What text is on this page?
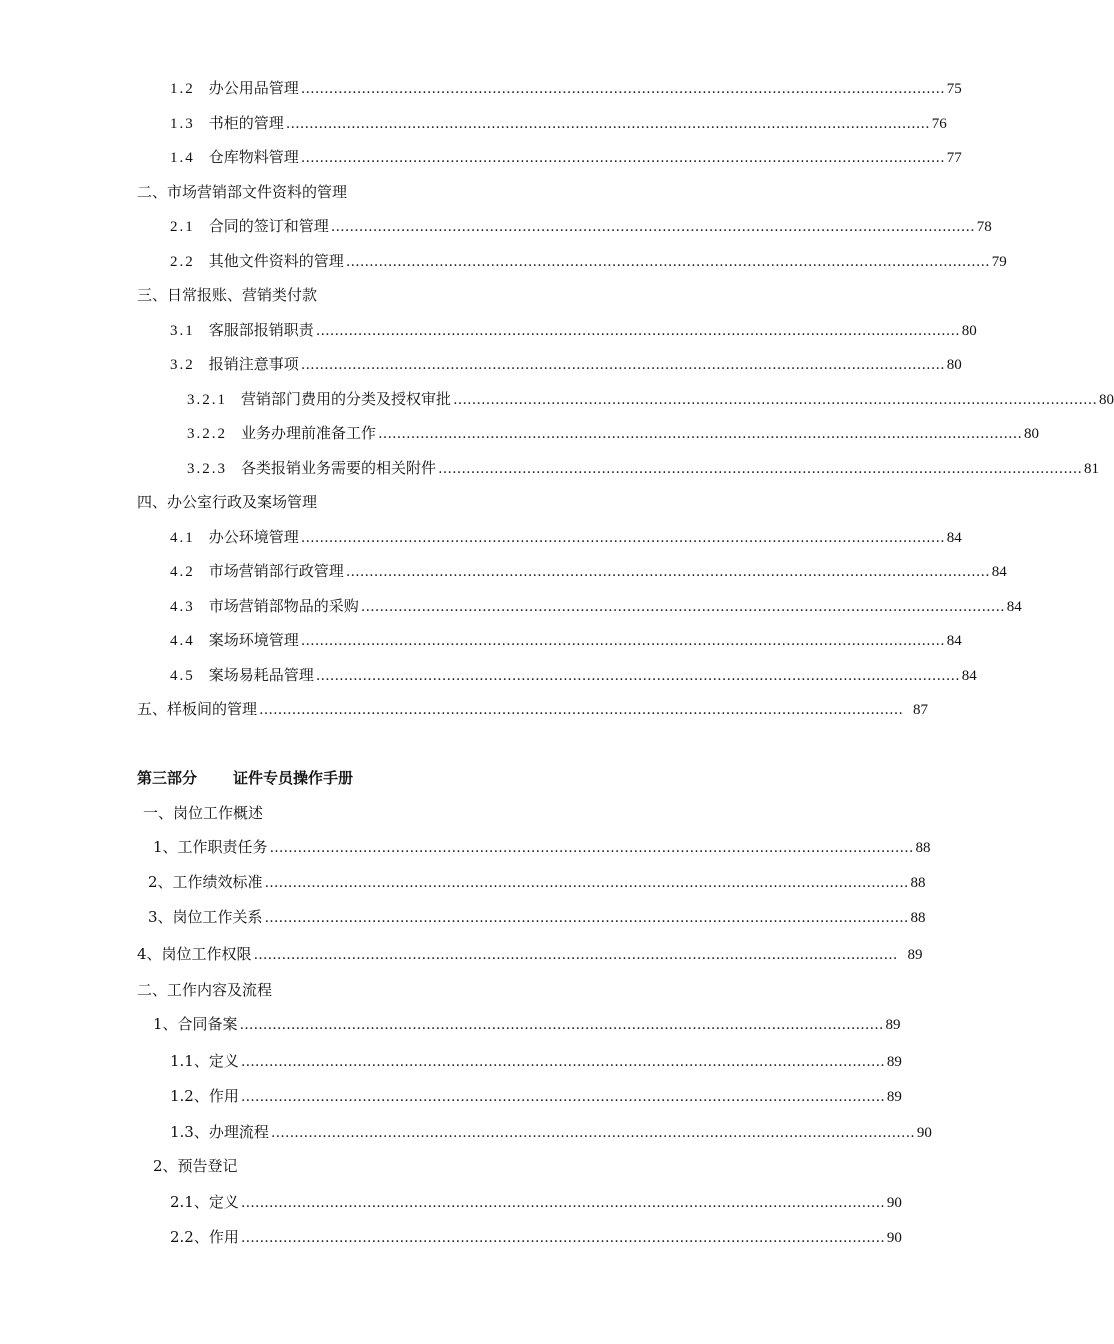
1.2 办公用品管理 ………………………………………………………………………………………………………………………… 75
1.3 书柜的管理 ………………………………………………………………………………………………………………………… 76
1.4 仓库物料管理 ………………………………………………………………………………………………………………………… 77
二、市场营销部文件资料的管理
2.1 合同的签订和管理 ………………………………………………………………………………………………………………………… 78
2.2 其他文件资料的管理 ………………………………………………………………………………………………………………………… 79
三、日常报账、营销类付款
3.1 客服部报销职责 ………………………………………………………………………………………………………………………… 80
3.2 报销注意事项 ………………………………………………………………………………………………………………………… 80
3.2.1 营销部门费用的分类及授权审批 ………………………………………………………………………………………………………………………… 80
3.2.2 业务办理前准备工作 ………………………………………………………………………………………………………………………… 80
3.2.3 各类报销业务需要的相关附件 ………………………………………………………………………………………………………………………… 81
四、办公室行政及案场管理
4.1 办公环境管理 ………………………………………………………………………………………………………………………… 84
4.2 市场营销部行政管理 ………………………………………………………………………………………………………………………… 84
4.3 市场营销部物品的采购 ………………………………………………………………………………………………………………………… 84
4.4 案场环境管理 ………………………………………………………………………………………………………………………… 84
4.5 案场易耗品管理 ………………………………………………………………………………………………………………………… 84
五、样板间的管理 ………………………………………………………………………………………………………………………… 87
第三部分 证件专员操作手册
一、岗位工作概述
1、工作职责任务 ………………………………………………………………………………………………………………………… 88
2、工作绩效标准 ………………………………………………………………………………………………………………………… 88
3、岗位工作关系 ………………………………………………………………………………………………………………………… 88
4、岗位工作权限 ………………………………………………………………………………………………………………………… 89
二、工作内容及流程
1、合同备案 ………………………………………………………………………………………………………………………… 89
1.1、定义 ………………………………………………………………………………………………………………………… 89
1.2、作用 ………………………………………………………………………………………………………………………… 89
1.3、办理流程 ………………………………………………………………………………………………………………………… 90
2、预告登记
2.1、定义 ………………………………………………………………………………………………………………………… 90
2.2、作用 ………………………………………………………………………………………………………………………… 90
